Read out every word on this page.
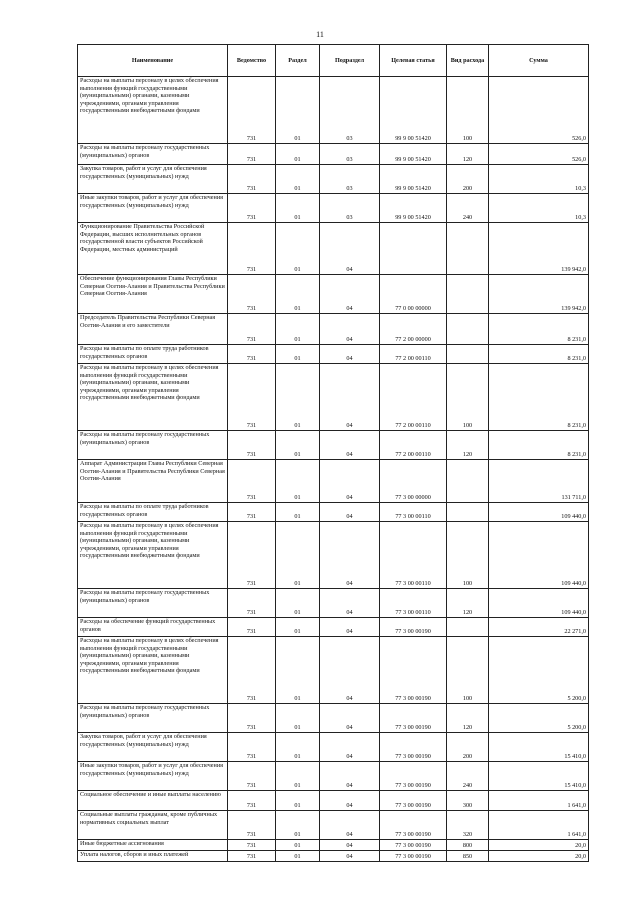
11
Наименование	Ведомство	Раздел	Подраздел	Целевая статья	Вид расхода	Сумма
Расходы на выплаты персоналу в целях обеспечения выполнения функций государственными (муниципальными) органами, казенными учреждениями, органами управления государственными внебюджетными фондами	731	01	03	99 9 00 51420	100	526,0
Расходы на выплаты персоналу государственных (муниципальных) органов	731	01	03	99 9 00 51420	120	526,0
Закупка товаров, работ и услуг для обеспечения государственных (муниципальных) нужд	731	01	03	99 9 00 51420	200	10,3
Иные закупки товаров, работ и услуг для обеспечения государственных (муниципальных) нужд	731	01	03	99 9 00 51420	240	10,3
Функционирование Правительства Российской Федерации, высших исполнительных органов государственной власти субъектов Российской Федерации, местных администраций	731	01	04			139 942,0
Обеспечение функционирования Главы Республики Северная Осетия-Алания и Правительства Республики Северная Осетия-Алания	731	01	04	77 0 00 00000		139 942,0
Председатель Правительства Республики Северная Осетия-Алания и его заместители	731	01	04	77 2 00 00000		8 231,0
Расходы на выплаты по оплате труда работников государственных органов	731	01	04	77 2 00 00110		8 231,0
Расходы на выплаты персоналу в целях обеспечения выполнения функций государственными (муниципальными) органами, казенными учреждениями, органами управления государственными внебюджетными фондами	731	01	04	77 2 00 00110	100	8 231,0
Расходы на выплаты персоналу государственных (муниципальных) органов	731	01	04	77 2 00 00110	120	8 231,0
Аппарат Администрации Главы Республики Северная Осетия-Алания и Правительства Республики Северная Осетия-Алания	731	01	04	77 3 00 00000		131 711,0
Расходы на выплаты по оплате труда работников государственных органов	731	01	04	77 3 00 00110		109 440,0
Расходы на выплаты персоналу в целях обеспечения выполнения функций государственными (муниципальными) органами, казенными учреждениями, органами управления государственными внебюджетными фондами	731	01	04	77 3 00 00110	100	109 440,0
Расходы на выплаты персоналу государственных (муниципальных) органов	731	01	04	77 3 00 00110	120	109 440,0
Расходы на обеспечение функций государственных органов	731	01	04	77 3 00 00190		22 271,0
Расходы на выплаты персоналу в целях обеспечения выполнения функций государственными (муниципальными) органами, казенными учреждениями, органами управления государственными внебюджетными фондами	731	01	04	77 3 00 00190	100	5 200,0
Расходы на выплаты персоналу государственных (муниципальных) органов	731	01	04	77 3 00 00190	120	5 200,0
Закупка товаров, работ и услуг для обеспечения государственных (муниципальных) нужд	731	01	04	77 3 00 00190	200	15 410,0
Иные закупки товаров, работ и услуг для обеспечения государственных (муниципальных) нужд	731	01	04	77 3 00 00190	240	15 410,0
Социальное обеспечение и иные выплаты населению	731	01	04	77 3 00 00190	300	1 641,0
Социальные выплаты гражданам, кроме публичных нормативных социальных выплат	731	01	04	77 3 00 00190	320	1 641,0
Иные бюджетные ассигнования	731	01	04	77 3 00 00190	800	20,0
Уплата налогов, сборов и иных платежей	731	01	04	77 3 00 00190	850	20,0
